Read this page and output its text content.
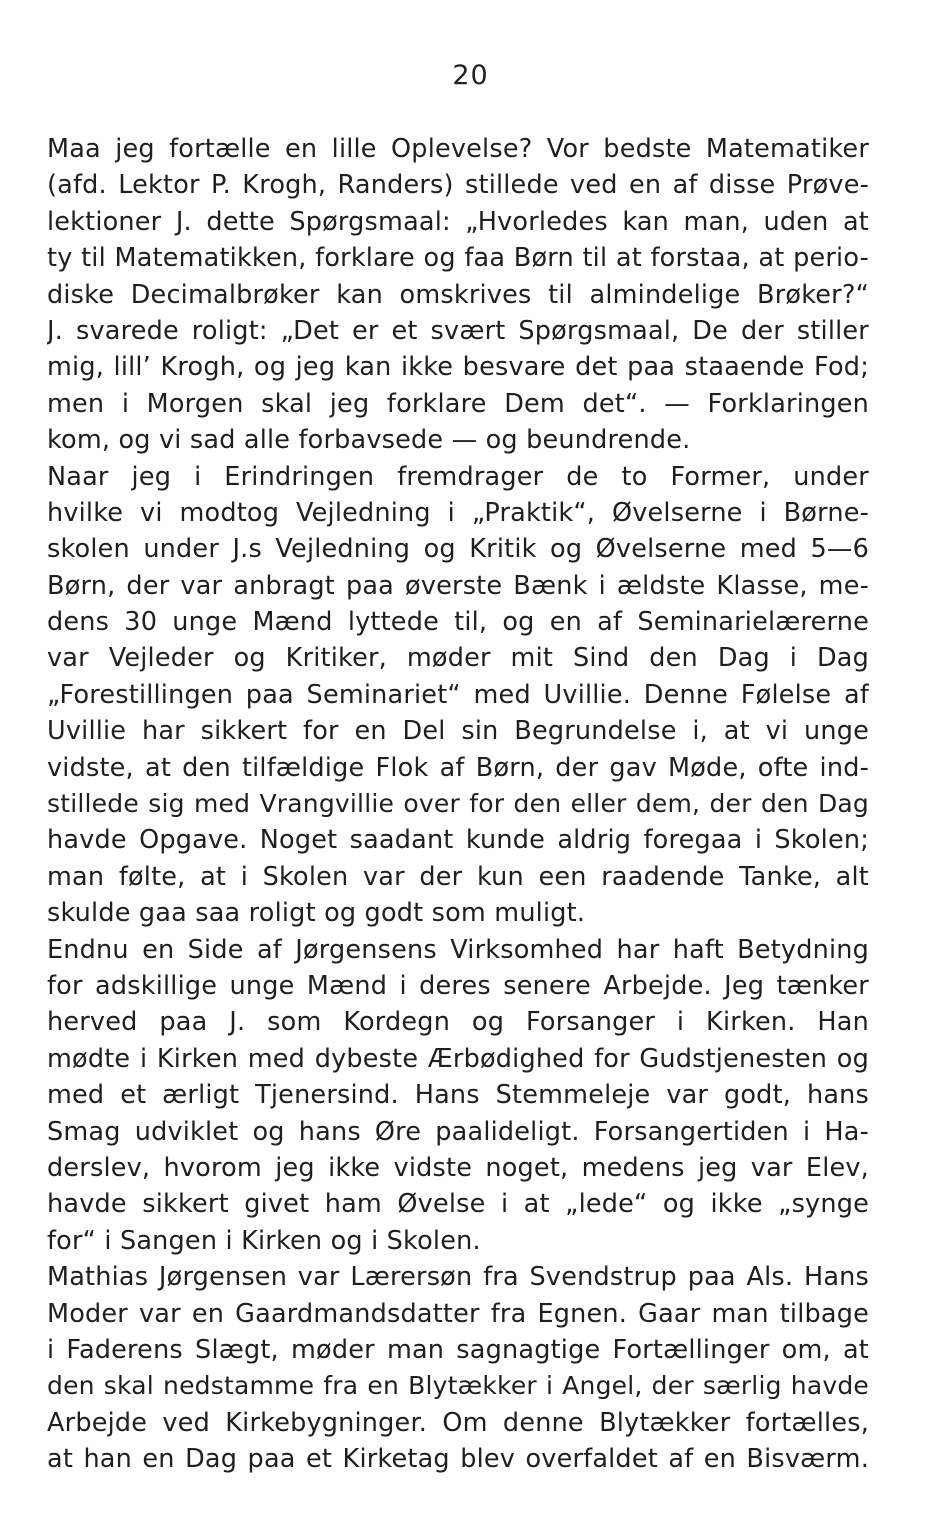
20
Maa jeg fortælle en lille Oplevelse? Vor bedste Matematiker
(afd. Lektor P. Krogh, Randers) stillede ved en af disse Prøve-
lektioner J. dette Spørgsmaal: „Hvorledes kan man, uden at
ty til Matematikken, forklare og faa Børn til at forstaa, at perio-
diske Decimalbrøker kan omskrives til almindelige Brøker?“
J. svarede roligt: „Det er et svært Spørgsmaal, De der stiller
mig, lill’ Krogh, og jeg kan ikke besvare det paa staaende Fod;
men i Morgen skal jeg forklare Dem det“. — Forklaringen
kom, og vi sad alle forbavsede — og beundrende.
Naar jeg i Erindringen fremdrager de to Former, under
hvilke vi modtog Vejledning i „Praktik“, Øvelserne i Børne-
skolen under J.s Vejledning og Kritik og Øvelserne med 5—6
Børn, der var anbragt paa øverste Bænk i ældste Klasse, me-
dens 30 unge Mænd lyttede til, og en af Seminarielærerne
var Vejleder og Kritiker, møder mit Sind den Dag i Dag
„Forestillingen paa Seminariet“ med Uvillie. Denne Følelse af
Uvillie har sikkert for en Del sin Begrundelse i, at vi unge
vidste, at den tilfældige Flok af Børn, der gav Møde, ofte ind-
stillede sig med Vrangvillie over for den eller dem, der den Dag
havde Opgave. Noget saadant kunde aldrig foregaa i Skolen;
man følte, at i Skolen var der kun een raadende Tanke, alt
skulde gaa saa roligt og godt som muligt.
Endnu en Side af Jørgensens Virksomhed har haft Betydning
for adskillige unge Mænd i deres senere Arbejde. Jeg tænker
herved paa J. som Kordegn og Forsanger i Kirken. Han
mødte i Kirken med dybeste Ærbødighed for Gudstjenesten og
med et ærligt Tjenersind. Hans Stemmeleje var godt, hans
Smag udviklet og hans Øre paalideligt. Forsangertiden i Ha-
derslev, hvorom jeg ikke vidste noget, medens jeg var Elev,
havde sikkert givet ham Øvelse i at „lede“ og ikke „synge
for“ i Sangen i Kirken og i Skolen.
Mathias Jørgensen var Lærersøn fra Svendstrup paa Als. Hans
Moder var en Gaardmandsdatter fra Egnen. Gaar man tilbage
i Faderens Slægt, møder man sagnagtige Fortællinger om, at
den skal nedstamme fra en Blytækker i Angel, der særlig havde
Arbejde ved Kirkebygninger. Om denne Blytækker fortælles,
at han en Dag paa et Kirketag blev overfaldet af en Bisværm.
